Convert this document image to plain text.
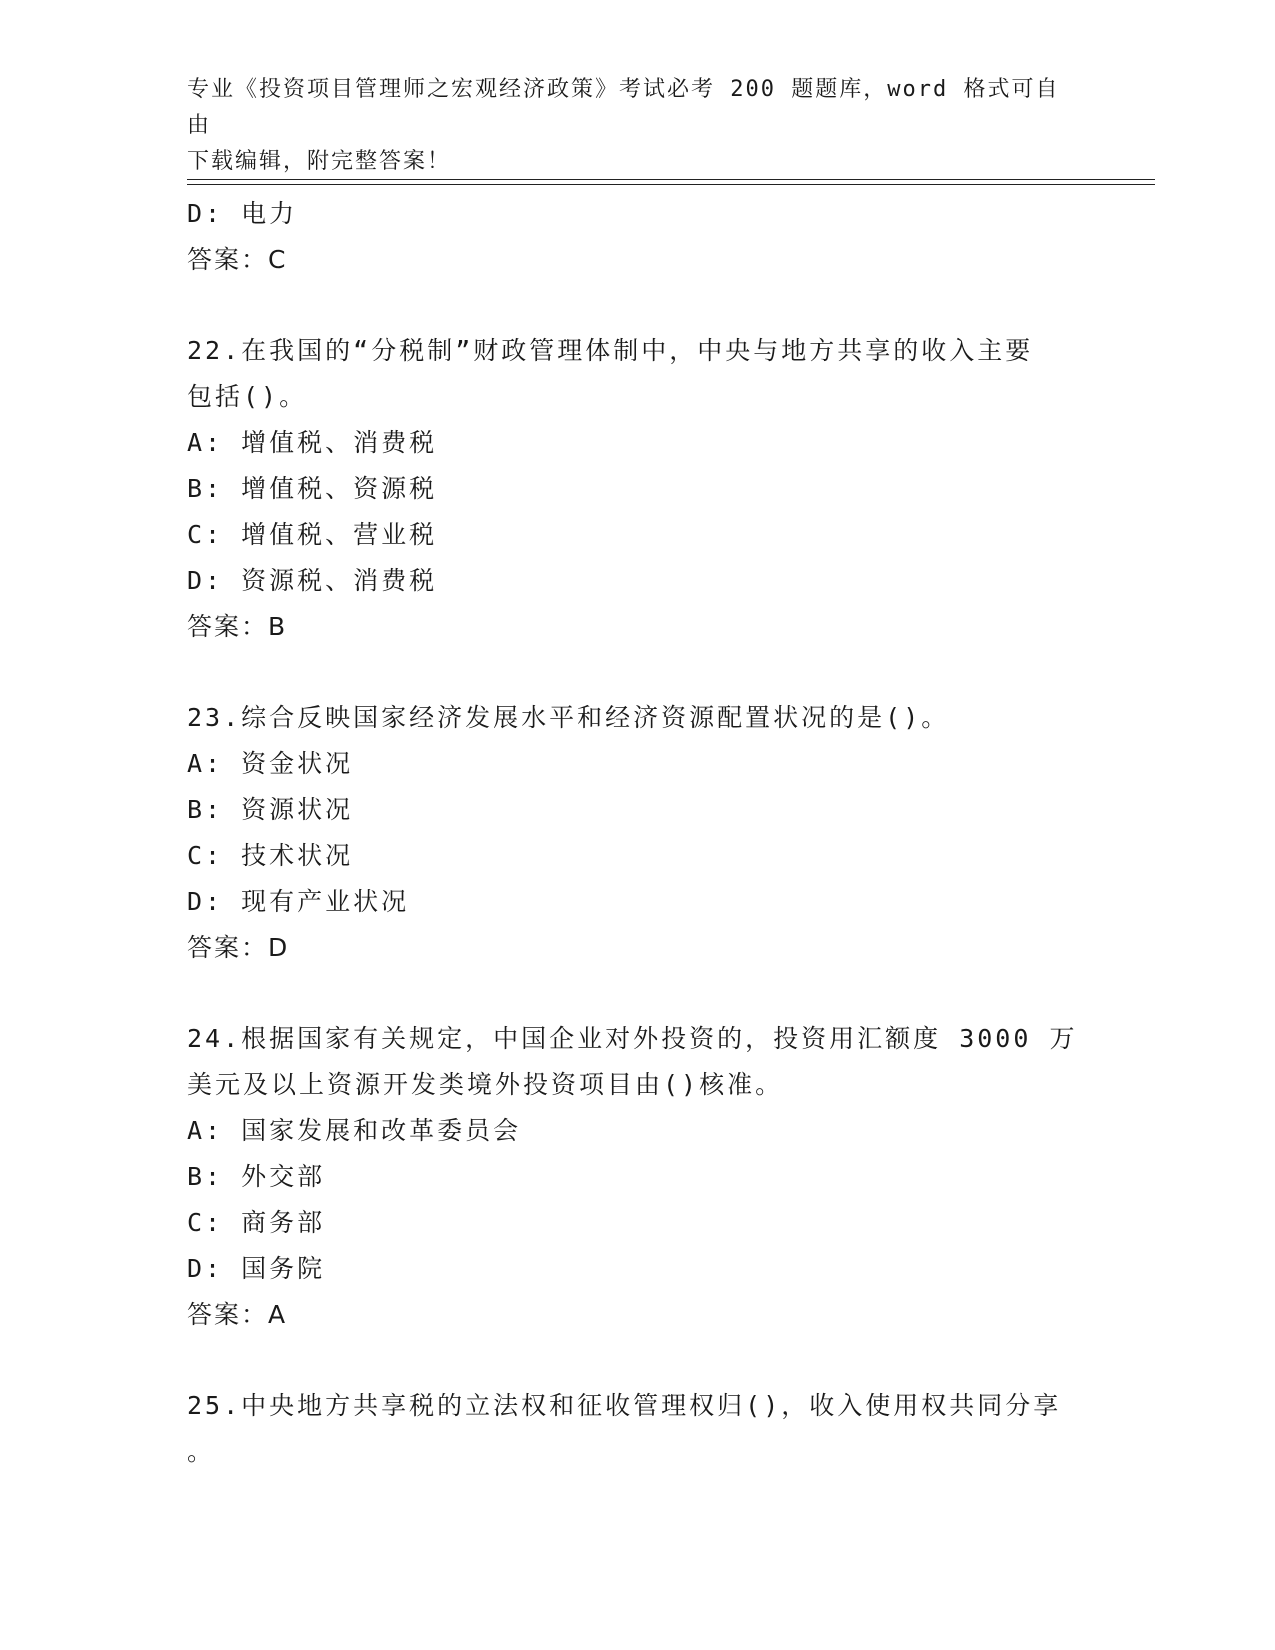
专业《投资项目管理师之宏观经济政策》考试必考 200 题题库，word 格式可自由
下载编辑，附完整答案！
D: 电力
答案：C
22.在我国的“分税制”财政管理体制中，中央与地方共享的收入主要
包括()。
A: 增值税、消费税
B: 增值税、资源税
C: 增值税、营业税
D: 资源税、消费税
答案：B
23.综合反映国家经济发展水平和经济资源配置状况的是()。
A: 资金状况
B: 资源状况
C: 技术状况
D: 现有产业状况
答案：D
24.根据国家有关规定，中国企业对外投资的，投资用汇额度 3000 万
美元及以上资源开发类境外投资项目由()核准。
A: 国家发展和改革委员会
B: 外交部
C: 商务部
D: 国务院
答案：A
25.中央地方共享税的立法权和征收管理权归()，收入使用权共同分享
。
